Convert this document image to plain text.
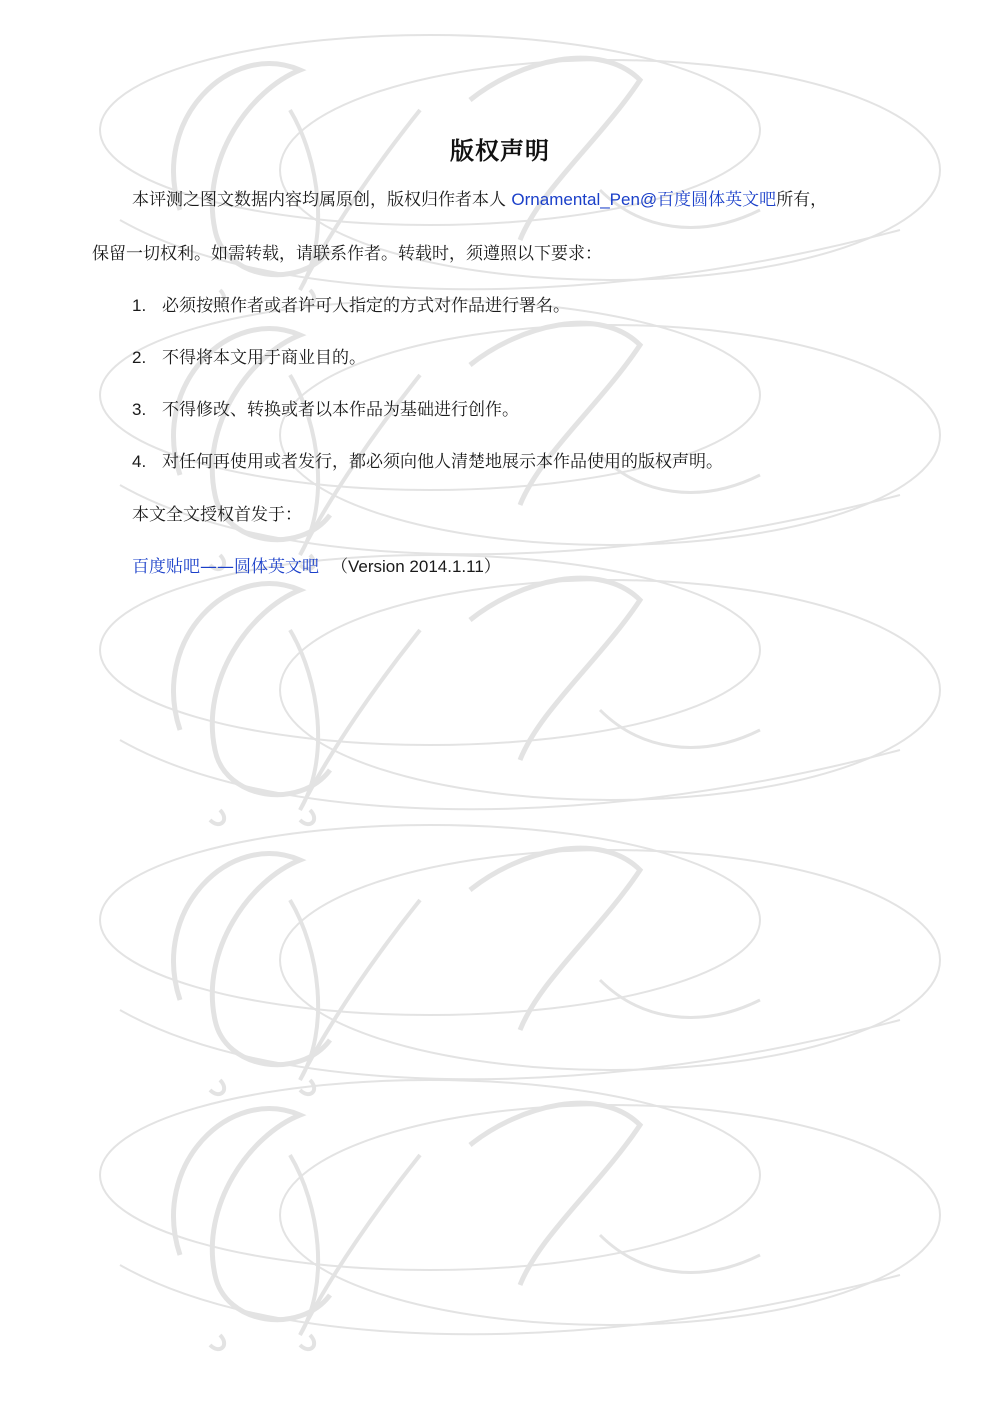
版权声明
本评测之图文数据内容均属原创，版权归作者本人 Ornamental_Pen@百度圆体英文吧所有，
保留一切权利。如需转载，请联系作者。转载时，须遵照以下要求：
1. 必须按照作者或者许可人指定的方式对作品进行署名。
2. 不得将本文用于商业目的。
3. 不得修改、转换或者以本作品为基础进行创作。
4. 对任何再使用或者发行，都必须向他人清楚地展示本作品使用的版权声明。
本文全文授权首发于：
百度贴吧——圆体英文吧 （Version 2014.1.11）
